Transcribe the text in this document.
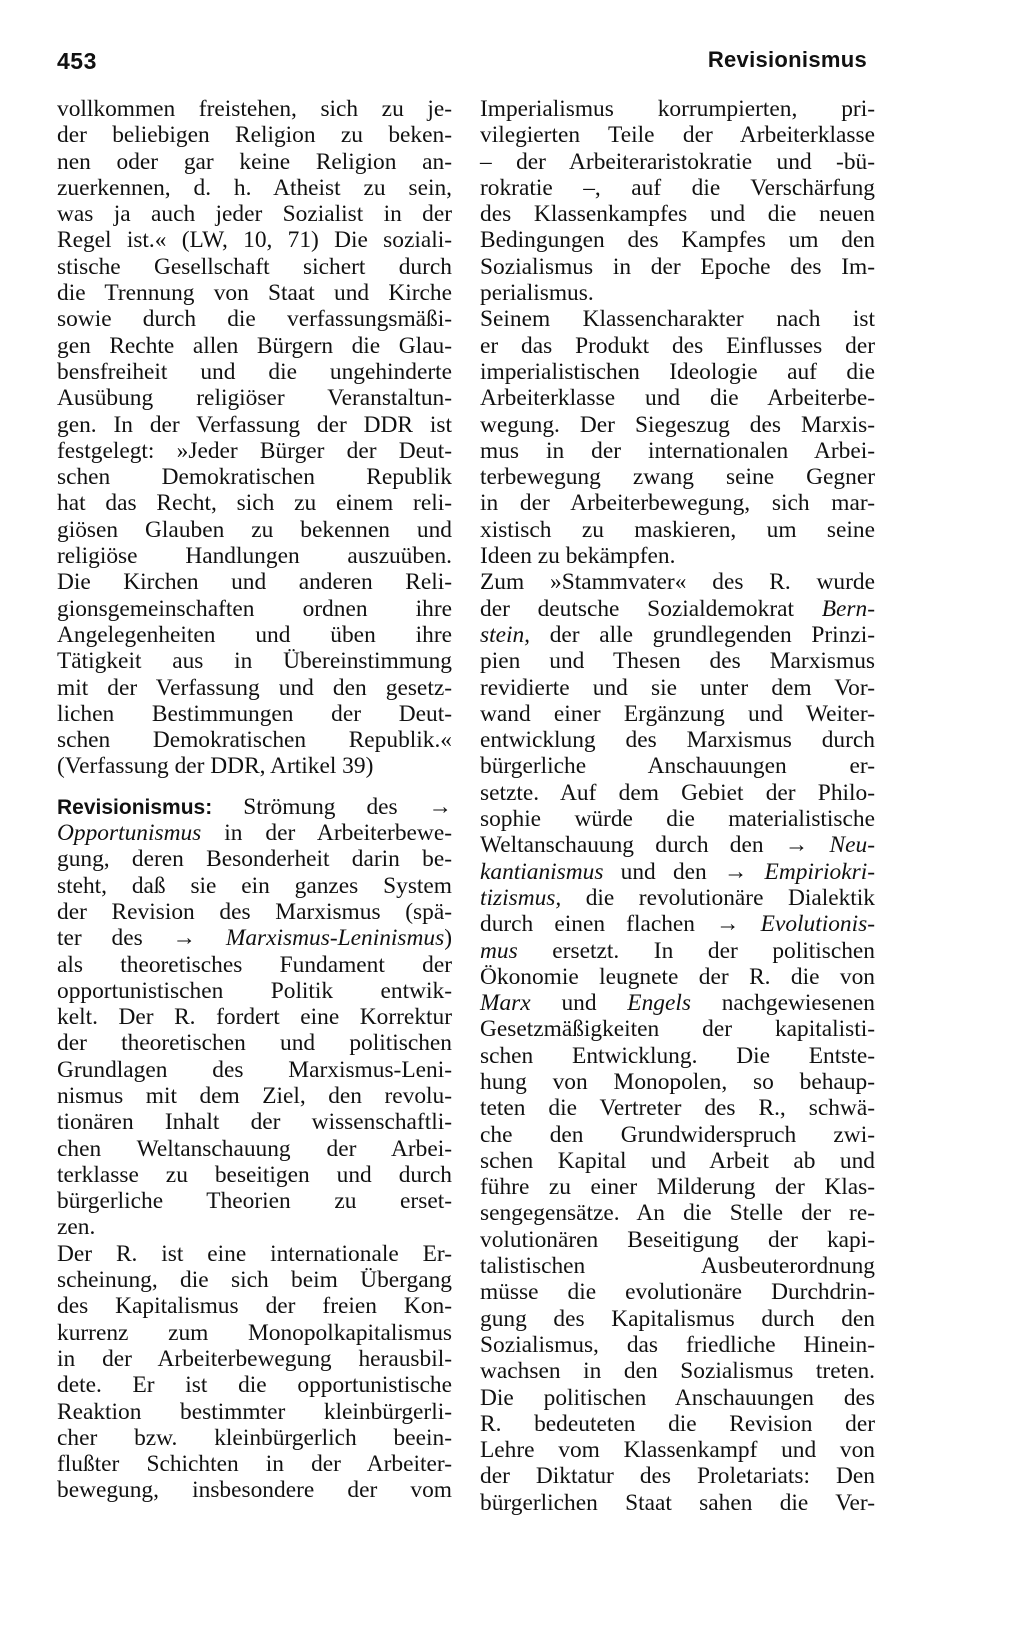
453	Revisionismus
vollkommen freistehen, sich zu je-
der beliebigen Religion zu beken-
nen oder gar keine Religion an-
zuerkennen, d. h. Atheist zu sein,
was ja auch jeder Sozialist in der
Regel ist.« (LW, 10, 71) Die soziali-
stische Gesellschaft sichert durch
die Trennung von Staat und Kirche
sowie durch die verfassungsmäßi-
gen Rechte allen Bürgern die Glau-
bensfreiheit und die ungehinderte
Ausübung religiöser Veranstaltun-
gen. In der Verfassung der DDR ist
festgelegt: »Jeder Bürger der Deut-
schen Demokratischen Republik
hat das Recht, sich zu einem reli-
giösen Glauben zu bekennen und
religiöse Handlungen auszuüben.
Die Kirchen und anderen Reli-
gionsgemeinschaften ordnen ihre
Angelegenheiten und üben ihre
Tätigkeit aus in Übereinstimmung
mit der Verfassung und den gesetz-
lichen Bestimmungen der Deut-
schen Demokratischen Republik.«
(Verfassung der DDR, Artikel 39)
Revisionismus: Strömung des →
Opportunismus in der Arbeiterbewe-
gung, deren Besonderheit darin be-
steht, daß sie ein ganzes System
der Revision des Marxismus (spä-
ter des → Marxismus-Leninismus)
als theoretisches Fundament der
opportunistischen Politik entwik-
kelt. Der R. fordert eine Korrektur
der theoretischen und politischen
Grundlagen des Marxismus-Leni-
nismus mit dem Ziel, den revolu-
tionären Inhalt der wissenschaftli-
chen Weltanschauung der Arbei-
terklasse zu beseitigen und durch
bürgerliche Theorien zu erset-
zen.
Der R. ist eine internationale Er-
scheinung, die sich beim Übergang
des Kapitalismus der freien Kon-
kurrenz zum Monopolkapitalismus
in der Arbeiterbewegung herausbil-
dete. Er ist die opportunistische
Reaktion bestimmter kleinbürgerli-
cher bzw. kleinbürgerlich beein-
flußter Schichten in der Arbeiter-
bewegung, insbesondere der vom
Imperialismus korrumpierten, pri-
vilegierten Teile der Arbeiterklasse
– der Arbeiteraristokratie und -bü-
rokratie –, auf die Verschärfung
des Klassenkampfes und die neuen
Bedingungen des Kampfes um den
Sozialismus in der Epoche des Im-
perialismus.
Seinem Klassencharakter nach ist
er das Produkt des Einflusses der
imperialistischen Ideologie auf die
Arbeiterklasse und die Arbeiterbe-
wegung. Der Siegeszug des Marxis-
mus in der internationalen Arbei-
terbewegung zwang seine Gegner
in der Arbeiterbewegung, sich mar-
xistisch zu maskieren, um seine
Ideen zu bekämpfen.
Zum »Stammvater« des R. wurde
der deutsche Sozialdemokrat Bern-
stein, der alle grundlegenden Prinzi-
pien und Thesen des Marxismus
revidierte und sie unter dem Vor-
wand einer Ergänzung und Weiter-
entwicklung des Marxismus durch
bürgerliche Anschauungen er-
setzte. Auf dem Gebiet der Philo-
sophie würde die materialistische
Weltanschauung durch den → Neu-
kantianismus und den → Empiriokri-
tizismus, die revolutionäre Dialektik
durch einen flachen → Evolutionis-
mus ersetzt. In der politischen
Ökonomie leugnete der R. die von
Marx und Engels nachgewiesenen
Gesetzmäßigkeiten der kapitalisti-
schen Entwicklung. Die Entste-
hung von Monopolen, so behaup-
teten die Vertreter des R., schwä-
che den Grundwiderspruch zwi-
schen Kapital und Arbeit ab und
führe zu einer Milderung der Klas-
sengegensätze. An die Stelle der re-
volutionären Beseitigung der kapi-
talistischen Ausbeuterordnung
müsse die evolutionäre Durchdrin-
gung des Kapitalismus durch den
Sozialismus, das friedliche Hinein-
wachsen in den Sozialismus treten.
Die politischen Anschauungen des
R. bedeuteten die Revision der
Lehre vom Klassenkampf und von
der Diktatur des Proletariats: Den
bürgerlichen Staat sahen die Ver-
